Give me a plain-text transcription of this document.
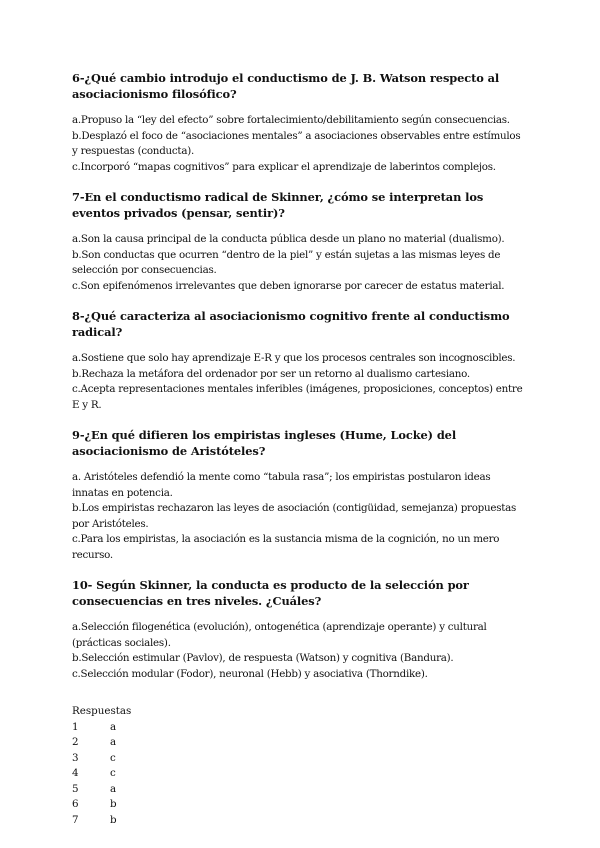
6-¿Qué cambio introdujo el conductismo de J. B. Watson respecto al asociacionismo filosófico?

a.Propuso la “ley del efecto” sobre fortalecimiento/debilitamiento según consecuencias.

b.Desplazó el foco de “asociaciones mentales” a asociaciones observables entre estímulos y respuestas (conducta).

c.Incorporó “mapas cognitivos” para explicar el aprendizaje de laberintos complejos.

7-En el conductismo radical de Skinner, ¿cómo se interpretan los eventos privados (pensar, sentir)?

a.Son la causa principal de la conducta pública desde un plano no material (dualismo).

b.Son conductas que ocurren “dentro de la piel” y están sujetas a las mismas leyes de selección por consecuencias.

c.Son epifenómenos irrelevantes que deben ignorarse por carecer de estatus material.

8-¿Qué caracteriza al asociacionismo cognitivo frente al conductismo radical?

a.Sostiene que solo hay aprendizaje E-R y que los procesos centrales son incognoscibles.

b.Rechaza la metáfora del ordenador por ser un retorno al dualismo cartesiano.

c.Acepta representaciones mentales inferibles (imágenes, proposiciones, conceptos) entre E y R.

9-¿En qué difieren los empiristas ingleses (Hume, Locke) del asociacionismo de Aristóteles?

a. Aristóteles defendió la mente como “tabula rasa”; los empiristas postularon ideas innatas en potencia.

b.Los empiristas rechazaron las leyes de asociación (contigüidad, semejanza) propuestas por Aristóteles.

c.Para los empiristas, la asociación es la sustancia misma de la cognición, no un mero recurso.

10- Según Skinner, la conducta es producto de la selección por consecuencias en tres niveles. ¿Cuáles?

a.Selección filogenética (evolución), ontogenética (aprendizaje operante) y cultural (prácticas sociales).

b.Selección estimular (Pavlov), de respuesta (Watson) y cognitiva (Bandura).

c.Selección modular (Fodor), neuronal (Hebb) y asociativa (Thorndike).

Respuestas
1	a
2	a
3	c
4	c
5	a
6	b
7	b
